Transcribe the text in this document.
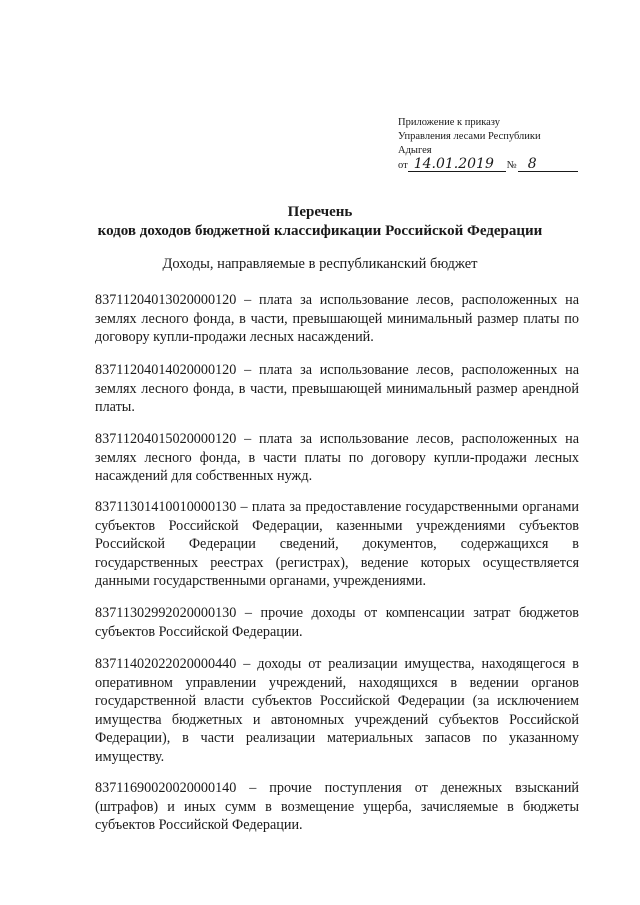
Приложение к приказу
Управления лесами Республики
Адыгея
от 14.01.2019	№ 8
Перечень
кодов доходов бюджетной классификации Российской Федерации
Доходы, направляемые в республиканский бюджет
83711204013020000120 – плата за использование лесов, расположенных на землях лесного фонда, в части, превышающей минимальный размер платы по договору купли-продажи лесных насаждений.
83711204014020000120 – плата за использование лесов, расположенных на землях лесного фонда, в части, превышающей минимальный размер арендной платы.
83711204015020000120 – плата за использование лесов, расположенных на землях лесного фонда, в части платы по договору купли-продажи лесных насаждений для собственных нужд.
83711301410010000130 – плата за предоставление государственными органами субъектов Российской Федерации, казенными учреждениями субъектов Российской Федерации сведений, документов, содержащихся в государственных реестрах (регистрах), ведение которых осуществляется данными государственными органами, учреждениями.
83711302992020000130 – прочие доходы от компенсации затрат бюджетов субъектов Российской Федерации.
83711402022020000440 – доходы от реализации имущества, находящегося в оперативном управлении учреждений, находящихся в ведении органов государственной власти субъектов Российской Федерации (за исключением имущества бюджетных и автономных учреждений субъектов Российской Федерации), в части реализации материальных запасов по указанному имуществу.
83711690020020000140 – прочие поступления от денежных взысканий (штрафов) и иных сумм в возмещение ущерба, зачисляемые в бюджеты субъектов Российской Федерации.
